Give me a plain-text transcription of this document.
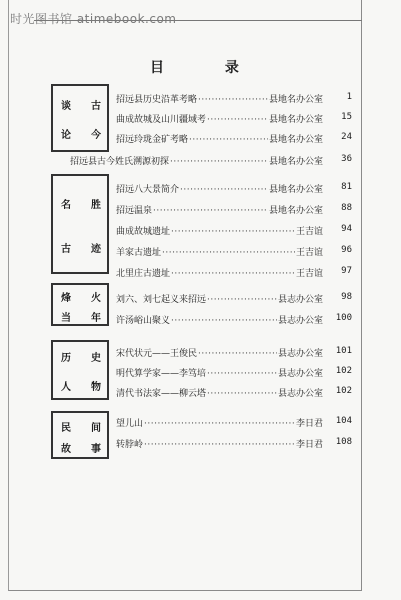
时光图书馆 atimebook.com
目 录
谈 古
论 今
名 胜
古 迹
烽 火
当 年
历 史
人 物
民 间
故 事
招远县历史沿革考略 ·····	县地名办公室	1
曲成故城及山川疆域考 ·····	县地名办公室	15
招远玲珑金矿考略 ·····	县地名办公室	24
招远县古今姓氏溯源初探 ·····	县地名办公室	36
招远八大景简介 ·····	县地名办公室	81
招远温泉 ·····	县地名办公室	88
曲成故城遗址 ·····	王吉谊	94
羊家古遗址 ·····	王吉谊	96
北里庄古遗址 ·····	王吉谊	97
刘六、刘七起义来招远 ·····	县志办公室	98
许汤峪山聚义 ·····	县志办公室	100
宋代状元——王俊民 ·····	县志办公室	101
明代算学家——李笃培 ·····	县志办公室	102
清代书法家——柳云塔 ·····	县志办公室	102
望儿山 ·····	李日君	104
转脖岭 ·····	李日君	108
